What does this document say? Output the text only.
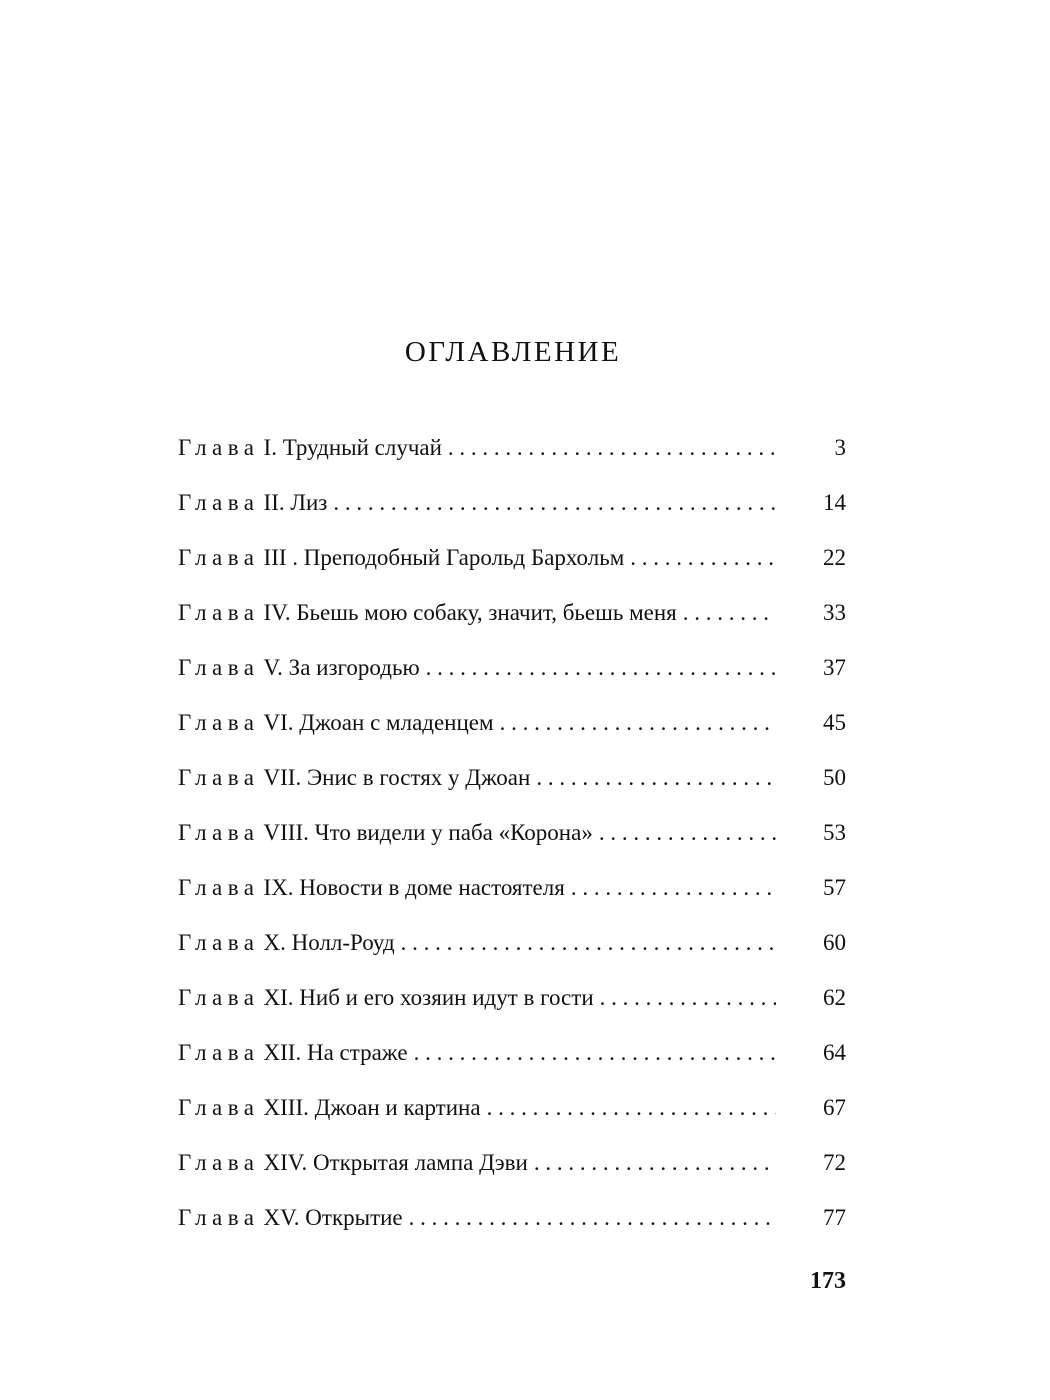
ОГЛАВЛЕНИЕ
Глава I. Трудный случай . . .	3
Глава II. Лиз . . .	14
Глава III . Преподобный Гарольд Бархольм . . .	22
Глава IV. Бьешь мою собаку, значит, бьешь меня . . .	33
Глава V. За изгородью . . .	37
Глава VI. Джоан с младенцем . . .	45
Глава VII. Энис в гостях у Джоан . . .	50
Глава VIII. Что видели у паба «Корона» . . .	53
Глава IX. Новости в доме настоятеля . . .	57
Глава X. Нолл-Роуд . . .	60
Глава XI. Ниб и его хозяин идут в гости . . .	62
Глава XII. На страже . . .	64
Глава XIII. Джоан и картина . . .	67
Глава XIV. Открытая лампа Дэви . . .	72
Глава XV. Открытие . . .	77
173
